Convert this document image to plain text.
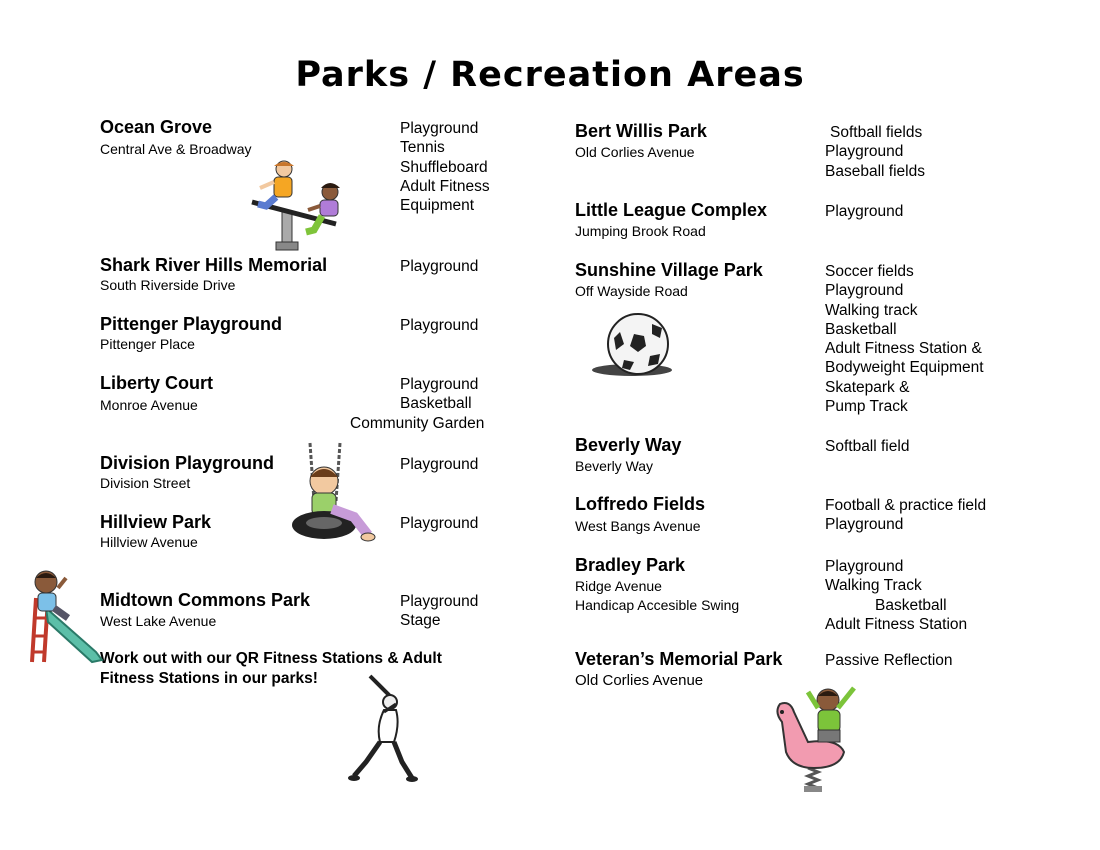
Parks / Recreation Areas
Ocean Grove
Central Ave & Broadway
Playground
Tennis
Shuffleboard
Adult Fitness
Equipment
Shark River Hills Memorial
South Riverside Drive
Playground
Pittenger Playground
Pittenger Place
Playground
Liberty Court
Monroe Avenue
Playground
Basketball
Community Garden
Division Playground
Division Street
Playground
Hillview Park
Hillview Avenue
Playground
Midtown Commons Park
West Lake Avenue
Playground
Stage
Work out with our QR Fitness Stations & Adult
Fitness Stations in our parks!
Bert Willis Park
Old Corlies Avenue
Softball fields
Playground
Baseball fields
Little League Complex
Jumping Brook Road
Playground
Sunshine Village Park
Off Wayside Road
Soccer fields
Playground
Walking track
Basketball
Adult Fitness Station &
Bodyweight Equipment
Skatepark &
Pump Track
Beverly Way
Beverly Way
Softball field
Loffredo Fields
West Bangs Avenue
Football & practice field
Playground
Bradley Park
Ridge Avenue
Handicap Accesible Swing
Playground
Walking Track
Basketball
Adult Fitness Station
Veteran’s Memorial Park
Old Corlies Avenue
Passive Reflection
